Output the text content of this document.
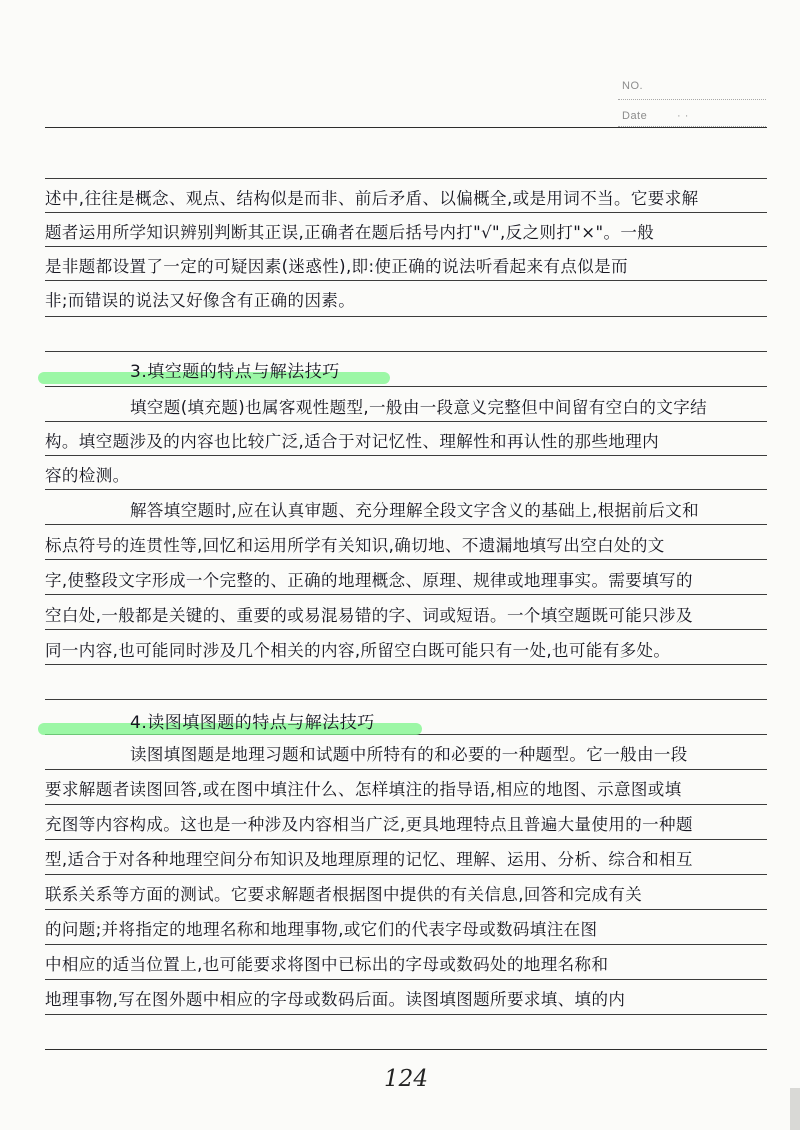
NO.
Date	· ·
述中,往往是概念、观点、结构似是而非、前后矛盾、以偏概全,或是用词不当。它要求解
题者运用所学知识辨别判断其正误,正确者在题后括号内打"√",反之则打"×"。一般
是非题都设置了一定的可疑因素(迷惑性),即:使正确的说法听看起来有点似是而
非;而错误的说法又好像含有正确的因素。
3.填空题的特点与解法技巧
填空题(填充题)也属客观性题型,一般由一段意义完整但中间留有空白的文字结
构。填空题涉及的内容也比较广泛,适合于对记忆性、理解性和再认性的那些地理内
容的检测。
解答填空题时,应在认真审题、充分理解全段文字含义的基础上,根据前后文和
标点符号的连贯性等,回忆和运用所学有关知识,确切地、不遗漏地填写出空白处的文
字,使整段文字形成一个完整的、正确的地理概念、原理、规律或地理事实。需要填写的
空白处,一般都是关键的、重要的或易混易错的字、词或短语。一个填空题既可能只涉及
同一内容,也可能同时涉及几个相关的内容,所留空白既可能只有一处,也可能有多处。
4.读图填图题的特点与解法技巧
读图填图题是地理习题和试题中所特有的和必要的一种题型。它一般由一段
要求解题者读图回答,或在图中填注什么、怎样填注的指导语,相应的地图、示意图或填
充图等内容构成。这也是一种涉及内容相当广泛,更具地理特点且普遍大量使用的一种题
型,适合于对各种地理空间分布知识及地理原理的记忆、理解、运用、分析、综合和相互
联系关系等方面的测试。它要求解题者根据图中提供的有关信息,回答和完成有关
的问题;并将指定的地理名称和地理事物,或它们的代表字母或数码填注在图
中相应的适当位置上,也可能要求将图中已标出的字母或数码处的地理名称和
地理事物,写在图外题中相应的字母或数码后面。读图填图题所要求填、填的内
124
